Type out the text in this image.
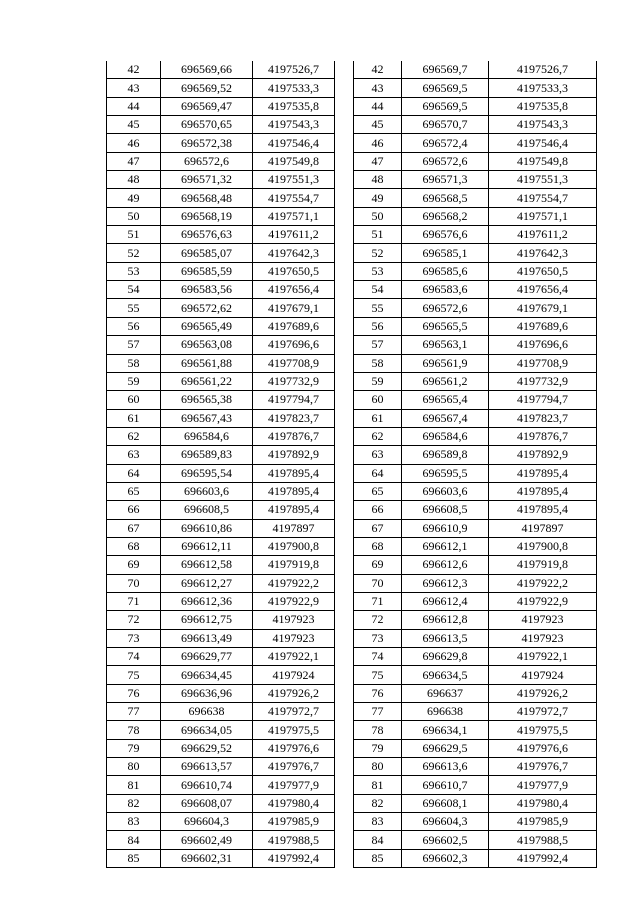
42	696569,66	4197526,7
43	696569,52	4197533,3
44	696569,47	4197535,8
45	696570,65	4197543,3
46	696572,38	4197546,4
47	696572,6	4197549,8
48	696571,32	4197551,3
49	696568,48	4197554,7
50	696568,19	4197571,1
51	696576,63	4197611,2
52	696585,07	4197642,3
53	696585,59	4197650,5
54	696583,56	4197656,4
55	696572,62	4197679,1
56	696565,49	4197689,6
57	696563,08	4197696,6
58	696561,88	4197708,9
59	696561,22	4197732,9
60	696565,38	4197794,7
61	696567,43	4197823,7
62	696584,6	4197876,7
63	696589,83	4197892,9
64	696595,54	4197895,4
65	696603,6	4197895,4
66	696608,5	4197895,4
67	696610,86	4197897
68	696612,11	4197900,8
69	696612,58	4197919,8
70	696612,27	4197922,2
71	696612,36	4197922,9
72	696612,75	4197923
73	696613,49	4197923
74	696629,77	4197922,1
75	696634,45	4197924
76	696636,96	4197926,2
77	696638	4197972,7
78	696634,05	4197975,5
79	696629,52	4197976,6
80	696613,57	4197976,7
81	696610,74	4197977,9
82	696608,07	4197980,4
83	696604,3	4197985,9
84	696602,49	4197988,5
85	696602,31	4197992,4
42	696569,7	4197526,7
43	696569,5	4197533,3
44	696569,5	4197535,8
45	696570,7	4197543,3
46	696572,4	4197546,4
47	696572,6	4197549,8
48	696571,3	4197551,3
49	696568,5	4197554,7
50	696568,2	4197571,1
51	696576,6	4197611,2
52	696585,1	4197642,3
53	696585,6	4197650,5
54	696583,6	4197656,4
55	696572,6	4197679,1
56	696565,5	4197689,6
57	696563,1	4197696,6
58	696561,9	4197708,9
59	696561,2	4197732,9
60	696565,4	4197794,7
61	696567,4	4197823,7
62	696584,6	4197876,7
63	696589,8	4197892,9
64	696595,5	4197895,4
65	696603,6	4197895,4
66	696608,5	4197895,4
67	696610,9	4197897
68	696612,1	4197900,8
69	696612,6	4197919,8
70	696612,3	4197922,2
71	696612,4	4197922,9
72	696612,8	4197923
73	696613,5	4197923
74	696629,8	4197922,1
75	696634,5	4197924
76	696637	4197926,2
77	696638	4197972,7
78	696634,1	4197975,5
79	696629,5	4197976,6
80	696613,6	4197976,7
81	696610,7	4197977,9
82	696608,1	4197980,4
83	696604,3	4197985,9
84	696602,5	4197988,5
85	696602,3	4197992,4
